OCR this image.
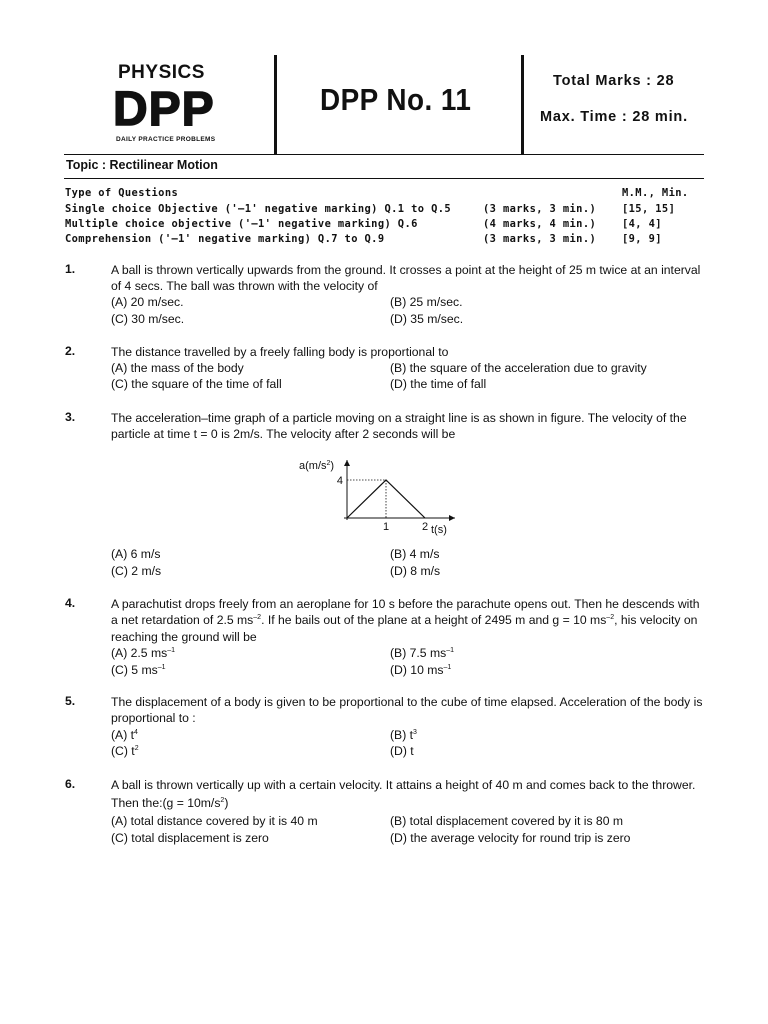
PHYSICS
DPP
DAILY PRACTICE PROBLEMS
DPP No. 11
Total Marks : 28
Max. Time : 28 min.
Topic : Rectilinear Motion
Type of Questions	M.M., Min.
Single choice Objective ('–1' negative marking) Q.1 to Q.5	(3 marks, 3 min.) [15, 15]
Multiple choice objective ('–1' negative marking) Q.6	(4 marks, 4 min.) [4, 4]
Comprehension ('–1' negative marking) Q.7 to Q.9	(3 marks, 3 min.) [9, 9]
1.	A ball is thrown vertically upwards from the ground. It crosses a point at the height of 25 m twice at an interval of 4 secs. The ball was thrown with the velocity of
(A) 20 m/sec.	(B) 25 m/sec.
(C) 30 m/sec.	(D) 35 m/sec.
2.	The distance travelled by a freely falling body is proportional to
(A) the mass of the body	(B) the square of the acceleration due to gravity
(C) the square of the time of fall	(D) the time of fall
3.	The acceleration–time graph of a particle moving on a straight line is as shown in figure. The velocity of the particle at time t = 0 is 2m/s. The velocity after 2 seconds will be
$a(m/s^2)$
4
1	2 t(s)
(A) 6 m/s	(B) 4 m/s
(C) 2 m/s	(D) 8 m/s
4.	A parachutist drops freely from an aeroplane for 10 s before the parachute opens out. Then he descends with a net retardation of 2.5 $ms^{-2}$. If he bails out of the plane at a height of 2495 m and g = 10 $ms^{-2}$, his velocity on reaching the ground will be
(A) 2.5 $ms^{-1}$	(B) 7.5 $ms^{-1}$
(C) 5 $ms^{-1}$	(D) 10 $ms^{-1}$
5.	The displacement of a body is given to be proportional to the cube of time elapsed. Acceleration of the body is proportional to :
(A) $t^4$	(B) $t^3$
(C) $t^2$	(D) t
6.	A ball is thrown vertically up with a certain velocity. It attains a height of 40 m and comes back to the thrower.
Then the:(g = $10m/s^2$)
(A) total distance covered by it is 40 m	(B) total displacement covered by it is 80 m
(C) total displacement is zero	(D) the average velocity for round trip is zero
